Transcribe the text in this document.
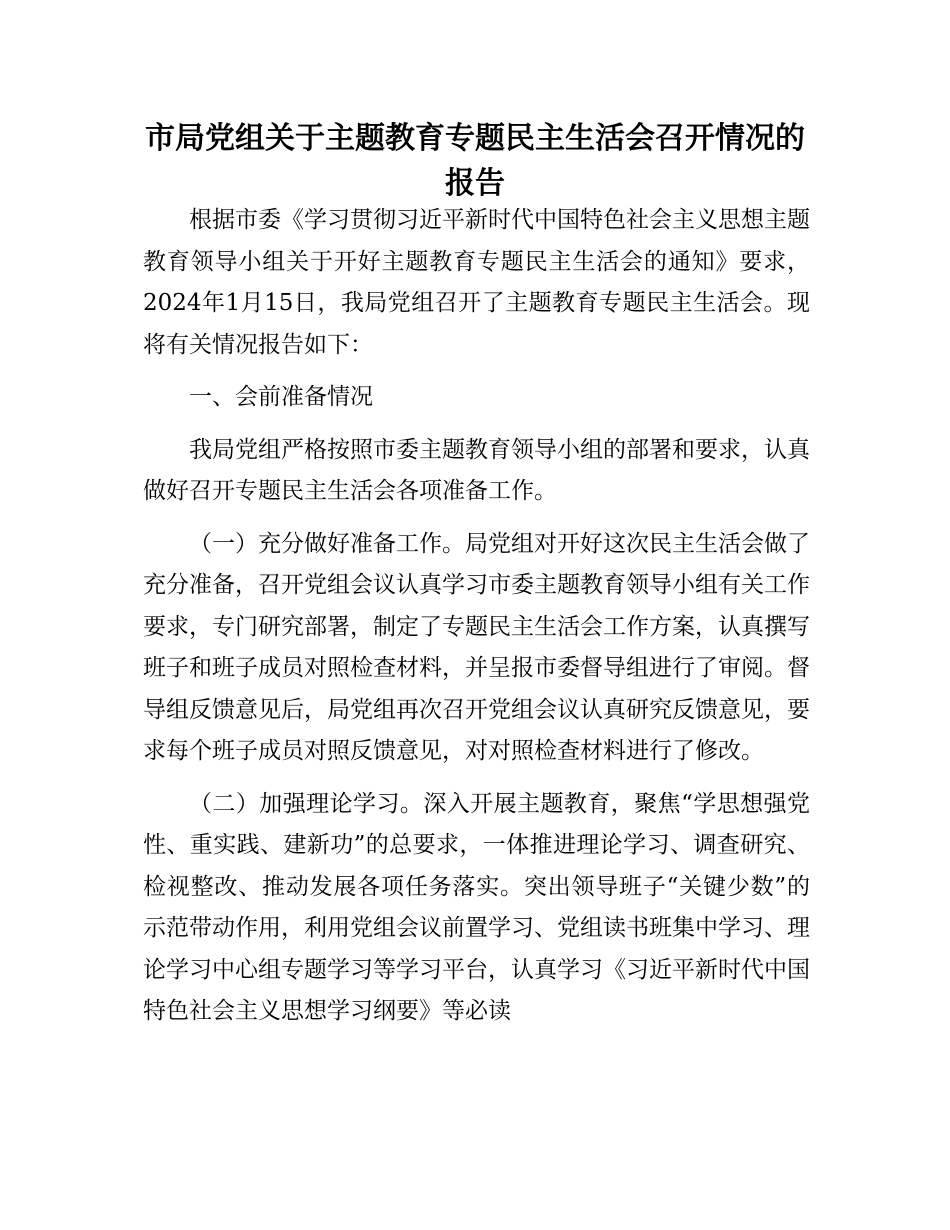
市局党组关于主题教育专题民主生活会召开情况的报告

根据市委《学习贯彻习近平新时代中国特色社会主义思想主题教育领导小组关于开好主题教育专题民主生活会的通知》要求，2024年1月15日，我局党组召开了主题教育专题民主生活会。现将有关情况报告如下：

一、会前准备情况

我局党组严格按照市委主题教育领导小组的部署和要求，认真做好召开专题民主生活会各项准备工作。

（一）充分做好准备工作。局党组对开好这次民主生活会做了充分准备，召开党组会议认真学习市委主题教育领导小组有关工作要求，专门研究部署，制定了专题民主生活会工作方案，认真撰写班子和班子成员对照检查材料，并呈报市委督导组进行了审阅。督导组反馈意见后，局党组再次召开党组会议认真研究反馈意见，要求每个班子成员对照反馈意见，对对照检查材料进行了修改。

（二）加强理论学习。深入开展主题教育，聚焦“学思想强党性、重实践、建新功”的总要求，一体推进理论学习、调查研究、检视整改、推动发展各项任务落实。突出领导班子“关键少数”的示范带动作用，利用党组会议前置学习、党组读书班集中学习、理论学习中心组专题学习等学习平台，认真学习《习近平新时代中国特色社会主义思想学习纲要》等必读
